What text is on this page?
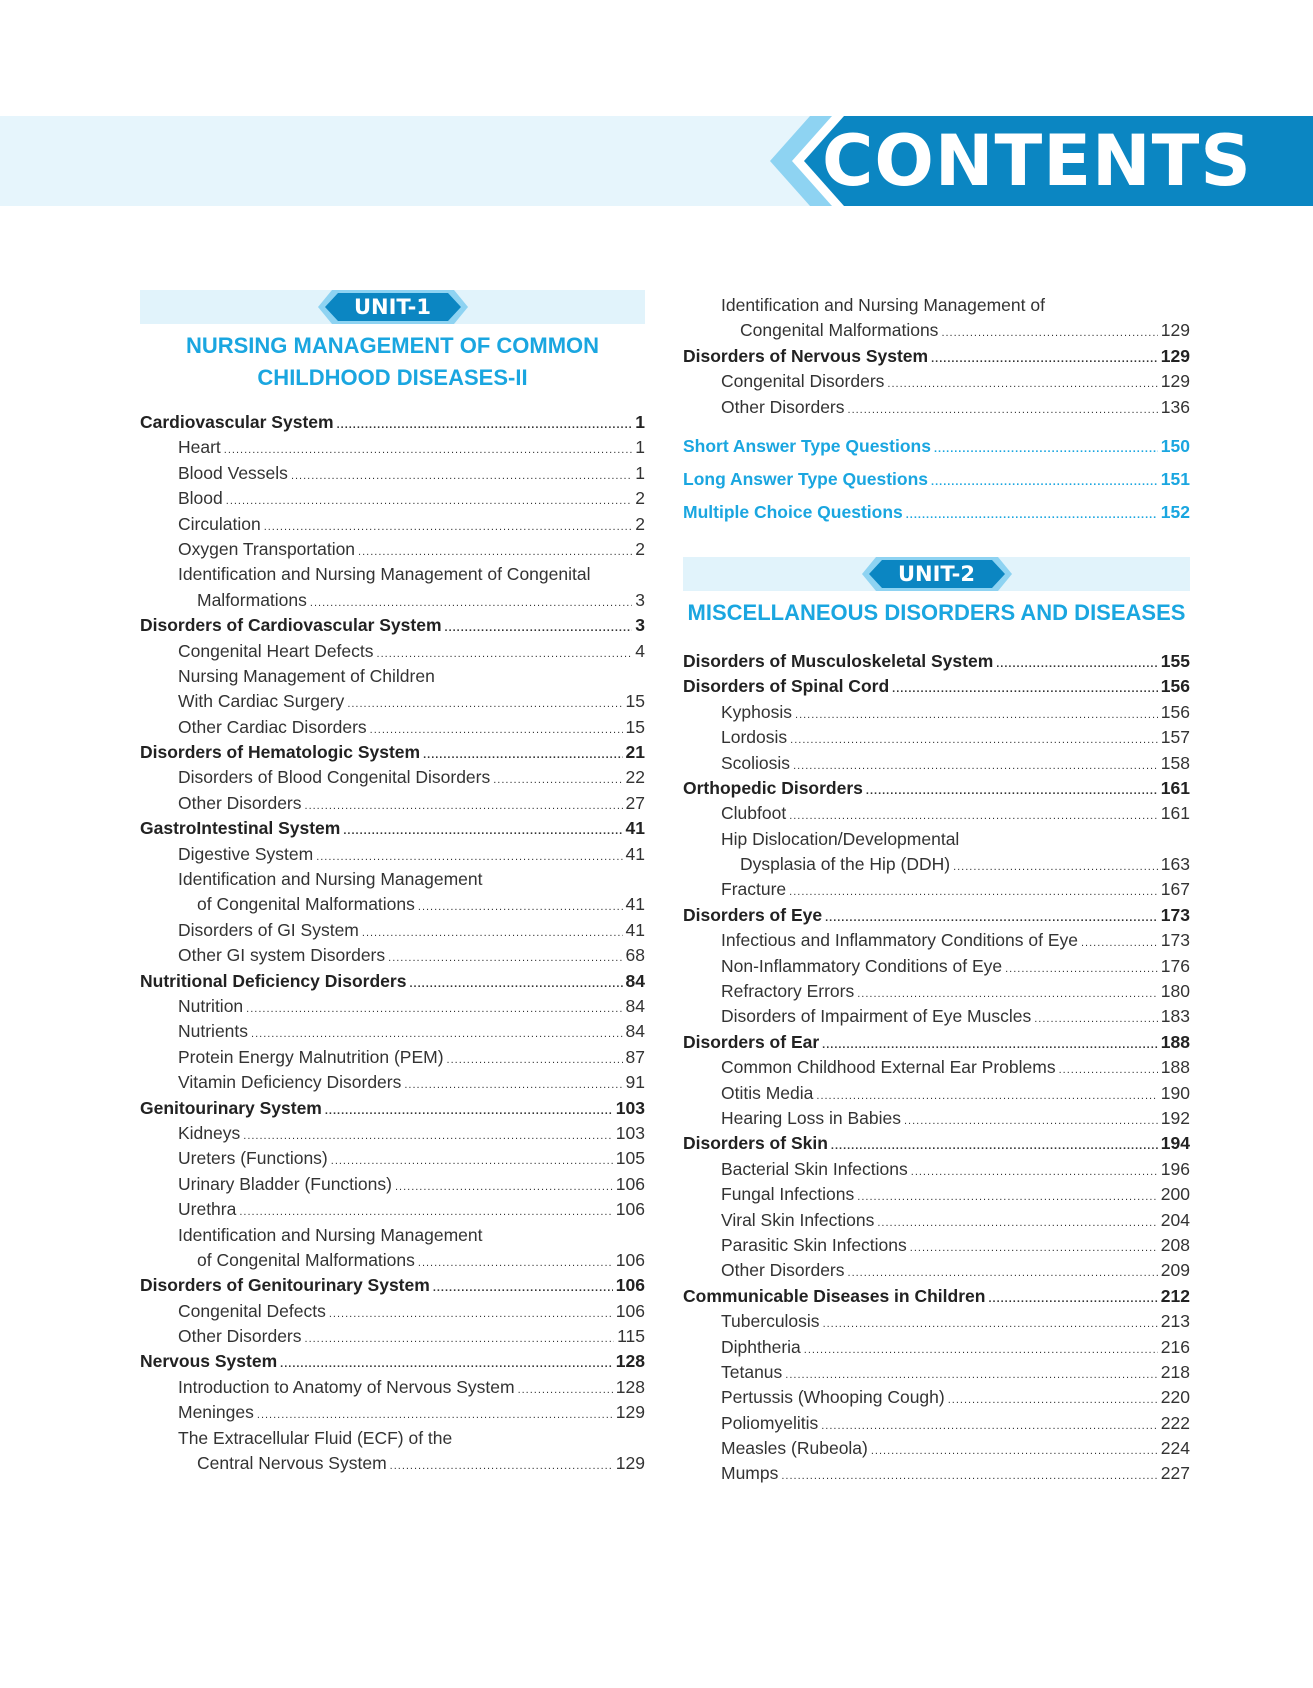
CONTENTS
UNIT-1
NURSING MANAGEMENT OF COMMON
CHILDHOOD DISEASES-II
Cardiovascular System .....	1
Heart .....	1
Blood Vessels .....	1
Blood .....	2
Circulation .....	2
Oxygen Transportation .....	2
Identification and Nursing Management of Congenital
Malformations .....	3
Disorders of Cardiovascular System .....	3
Congenital Heart Defects .....	4
Nursing Management of Children
With Cardiac Surgery .....	15
Other Cardiac Disorders .....	15
Disorders of Hematologic System .....	21
Disorders of Blood Congenital Disorders .....	22
Other Disorders .....	27
GastroIntestinal System .....	41
Digestive System .....	41
Identification and Nursing Management
of Congenital Malformations .....	41
Disorders of GI System .....	41
Other GI system Disorders .....	68
Nutritional Deficiency Disorders .....	84
Nutrition .....	84
Nutrients .....	84
Protein Energy Malnutrition (PEM) .....	87
Vitamin Deficiency Disorders .....	91
Genitourinary System .....	103
Kidneys .....	103
Ureters (Functions) .....	105
Urinary Bladder (Functions) .....	106
Urethra .....	106
Identification and Nursing Management
of Congenital Malformations .....	106
Disorders of Genitourinary System .....	106
Congenital Defects .....	106
Other Disorders .....	115
Nervous System .....	128
Introduction to Anatomy of Nervous System .....	128
Meninges .....	129
The Extracellular Fluid (ECF) of the
Central Nervous System .....	129
Identification and Nursing Management of
Congenital Malformations .....	129
Disorders of Nervous System .....	129
Congenital Disorders .....	129
Other Disorders .....	136
Short Answer Type Questions .....	150
Long Answer Type Questions .....	151
Multiple Choice Questions .....	152
UNIT-2
MISCELLANEOUS DISORDERS AND DISEASES
Disorders of Musculoskeletal System .....	155
Disorders of Spinal Cord .....	156
Kyphosis .....	156
Lordosis .....	157
Scoliosis .....	158
Orthopedic Disorders .....	161
Clubfoot .....	161
Hip Dislocation/Developmental
Dysplasia of the Hip (DDH) .....	163
Fracture .....	167
Disorders of Eye .....	173
Infectious and Inflammatory Conditions of Eye .....	173
Non-Inflammatory Conditions of Eye .....	176
Refractory Errors .....	180
Disorders of Impairment of Eye Muscles .....	183
Disorders of Ear .....	188
Common Childhood External Ear Problems .....	188
Otitis Media .....	190
Hearing Loss in Babies .....	192
Disorders of Skin .....	194
Bacterial Skin Infections .....	196
Fungal Infections .....	200
Viral Skin Infections .....	204
Parasitic Skin Infections .....	208
Other Disorders .....	209
Communicable Diseases in Children .....	212
Tuberculosis .....	213
Diphtheria .....	216
Tetanus .....	218
Pertussis (Whooping Cough) .....	220
Poliomyelitis .....	222
Measles (Rubeola) .....	224
Mumps .....	227
